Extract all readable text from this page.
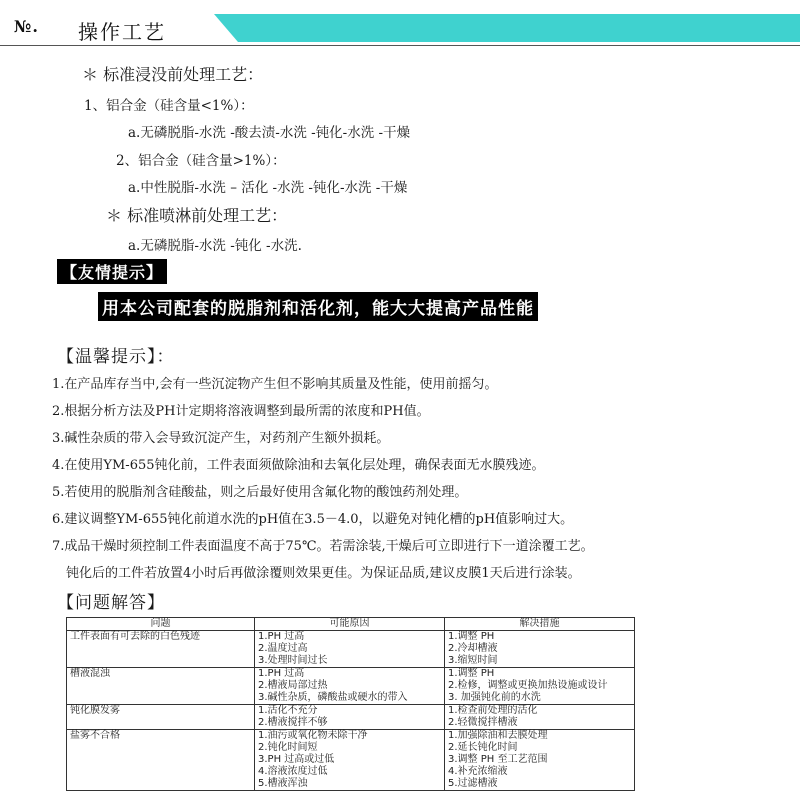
№. 操作工艺
＊ 标准浸没前处理工艺：
1、铝合金（硅含量<1%）：
a.无磷脱脂-水洗 -酸去渍-水洗 -钝化-水洗 -干燥
2、铝合金（硅含量>1%）：
a.中性脱脂-水洗 – 活化 -水洗 -钝化-水洗 -干燥
＊ 标准喷淋前处理工艺：
a.无磷脱脂-水洗 -钝化 -水洗.
【友情提示】
用本公司配套的脱脂剂和活化剂，能大大提高产品性能
【温馨提示】：
1.在产品库存当中,会有一些沉淀物产生但不影响其质量及性能，使用前摇匀。
2.根据分析方法及PH计定期将溶液调整到最所需的浓度和PH值。
3.碱性杂质的带入会导致沉淀产生，对药剂产生额外损耗。
4.在使用YM-655钝化前，工件表面须做除油和去氧化层处理，确保表面无水膜残迹。
5.若使用的脱脂剂含硅酸盐，则之后最好使用含氟化物的酸蚀药剂处理。
6.建议调整YM-655钝化前道水洗的pH值在3.5－4.0，以避免对钝化槽的pH值影响过大。
7.成品干燥时须控制工件表面温度不高于75℃。若需涂装,干燥后可立即进行下一道涂覆工艺。
钝化后的工件若放置4小时后再做涂覆则效果更佳。为保证品质,建议皮膜1天后进行涂装。
【问题解答】
问题	可能原因	解决措施
工件表面有可去除的白色残迹	1.PH 过高
2.温度过高
3.处理时间过长	1.调整 PH
2.冷却槽液
3.缩短时间

槽液混浊	1.PH 过高
2.槽液局部过热
3.碱性杂质，磷酸盐或硬水的带入	1.调整 PH
2.检修，调整或更换加热设施或设计
3. 加强钝化前的水洗

钝化膜发雾	1.活化不充分
2.槽液搅拌不够	1.检查前处理的活化
2.轻微搅拌槽液

盐雾不合格	1.油污或氧化物未除干净
2.钝化时间短
3.PH 过高或过低
4.溶液浓度过低
5.槽液浑浊	1.加强除油和去膜处理
2.延长钝化时间
3.调整 PH 至工艺范围
4.补充浓缩液
5.过滤槽液
